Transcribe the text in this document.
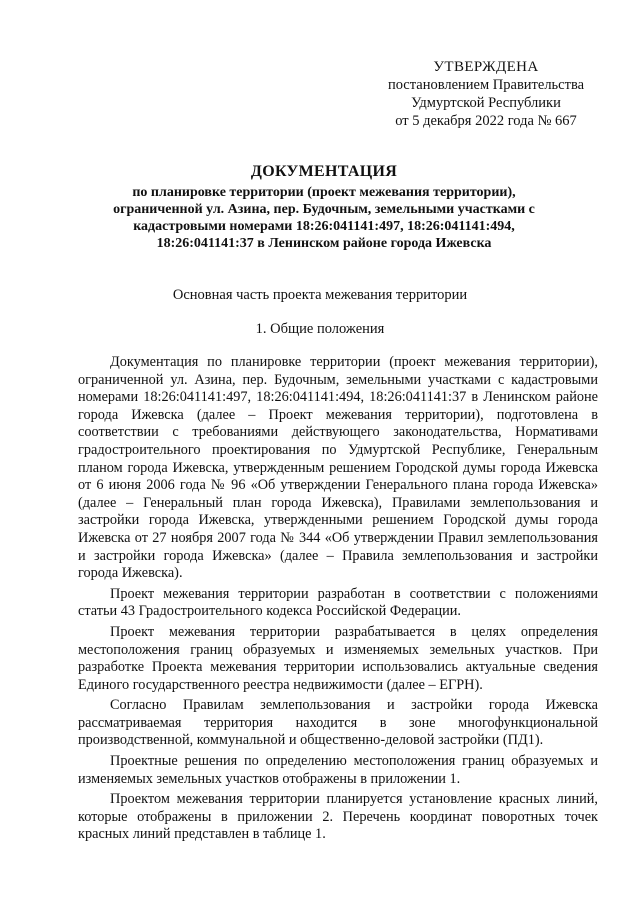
УТВЕРЖДЕНА
постановлением Правительства
Удмуртской Республики
от 5 декабря 2022 года № 667
ДОКУМЕНТАЦИЯ
по планировке территории (проект межевания территории), ограниченной ул. Азина, пер. Будочным, земельными участками с кадастровыми номерами 18:26:041141:497, 18:26:041141:494, 18:26:041141:37 в Ленинском районе города Ижевска
Основная часть проекта межевания территории
1. Общие положения

Документация по планировке территории (проект межевания территории), ограниченной ул. Азина, пер. Будочным, земельными участками с кадастровыми номерами 18:26:041141:497, 18:26:041141:494, 18:26:041141:37 в Ленинском районе города Ижевска (далее – Проект межевания территории), подготовлена в соответствии с требованиями действующего законодательства, Нормативами градостроительного проектирования по Удмуртской Республике, Генеральным планом города Ижевска, утвержденным решением Городской думы города Ижевска от 6 июня 2006 года № 96 «Об утверждении Генерального плана города Ижевска» (далее – Генеральный план города Ижевска), Правилами землепользования и застройки города Ижевска, утвержденными решением Городской думы города Ижевска от 27 ноября 2007 года № 344 «Об утверждении Правил землепользования и застройки города Ижевска» (далее – Правила землепользования и застройки города Ижевска).

Проект межевания территории разработан в соответствии с положениями статьи 43 Градостроительного кодекса Российской Федерации.

Проект межевания территории разрабатывается в целях определения местоположения границ образуемых и изменяемых земельных участков. При разработке Проекта межевания территории использовались актуальные сведения Единого государственного реестра недвижимости (далее – ЕГРН).

Согласно Правилам землепользования и застройки города Ижевска рассматриваемая территория находится в зоне многофункциональной производственной, коммунальной и общественно-деловой застройки (ПД1).

Проектные решения по определению местоположения границ образуемых и изменяемых земельных участков отображены в приложении 1.

Проектом межевания территории планируется установление красных линий, которые отображены в приложении 2. Перечень координат поворотных точек красных линий представлен в таблице 1.
